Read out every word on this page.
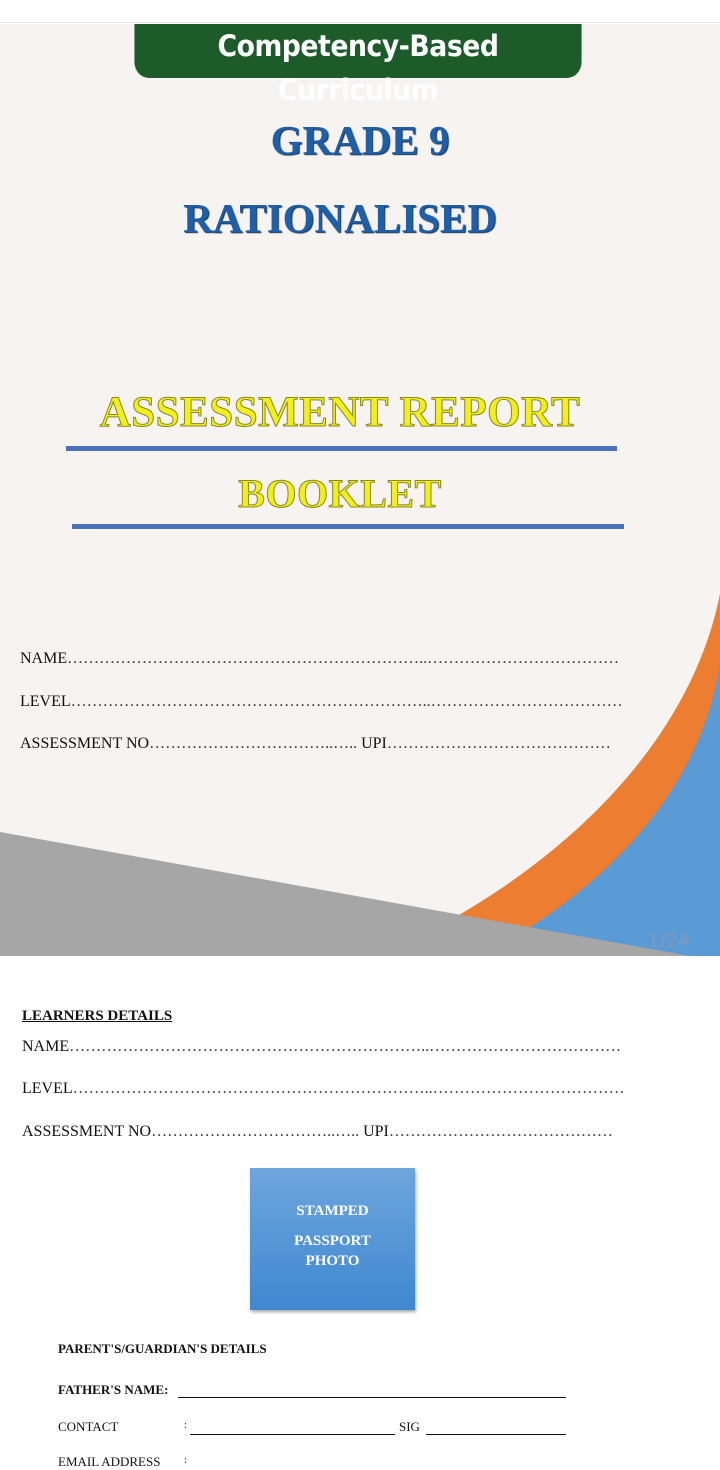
Competency-Based Curriculum
GRADE 9
RATIONALISED
ASSESSMENT REPORT
BOOKLET
NAME…………………………………………………………..………………………………
LEVEL…………………………………………………………..………………………………
ASSESSMENT NO……………………………..….. UPI……………………………………
1/24
LEARNERS DETAILS
NAME…………………………………………………………..………………………………
LEVEL…………………………………………………………..………………………………
ASSESSMENT NO……………………………..….. UPI……………………………………
STAMPED
PASSPORT
PHOTO
PARENT'S/GUARDIAN'S DETAILS
FATHER'S NAME:
CONTACT	:	SIG
EMAIL ADDRESS :
